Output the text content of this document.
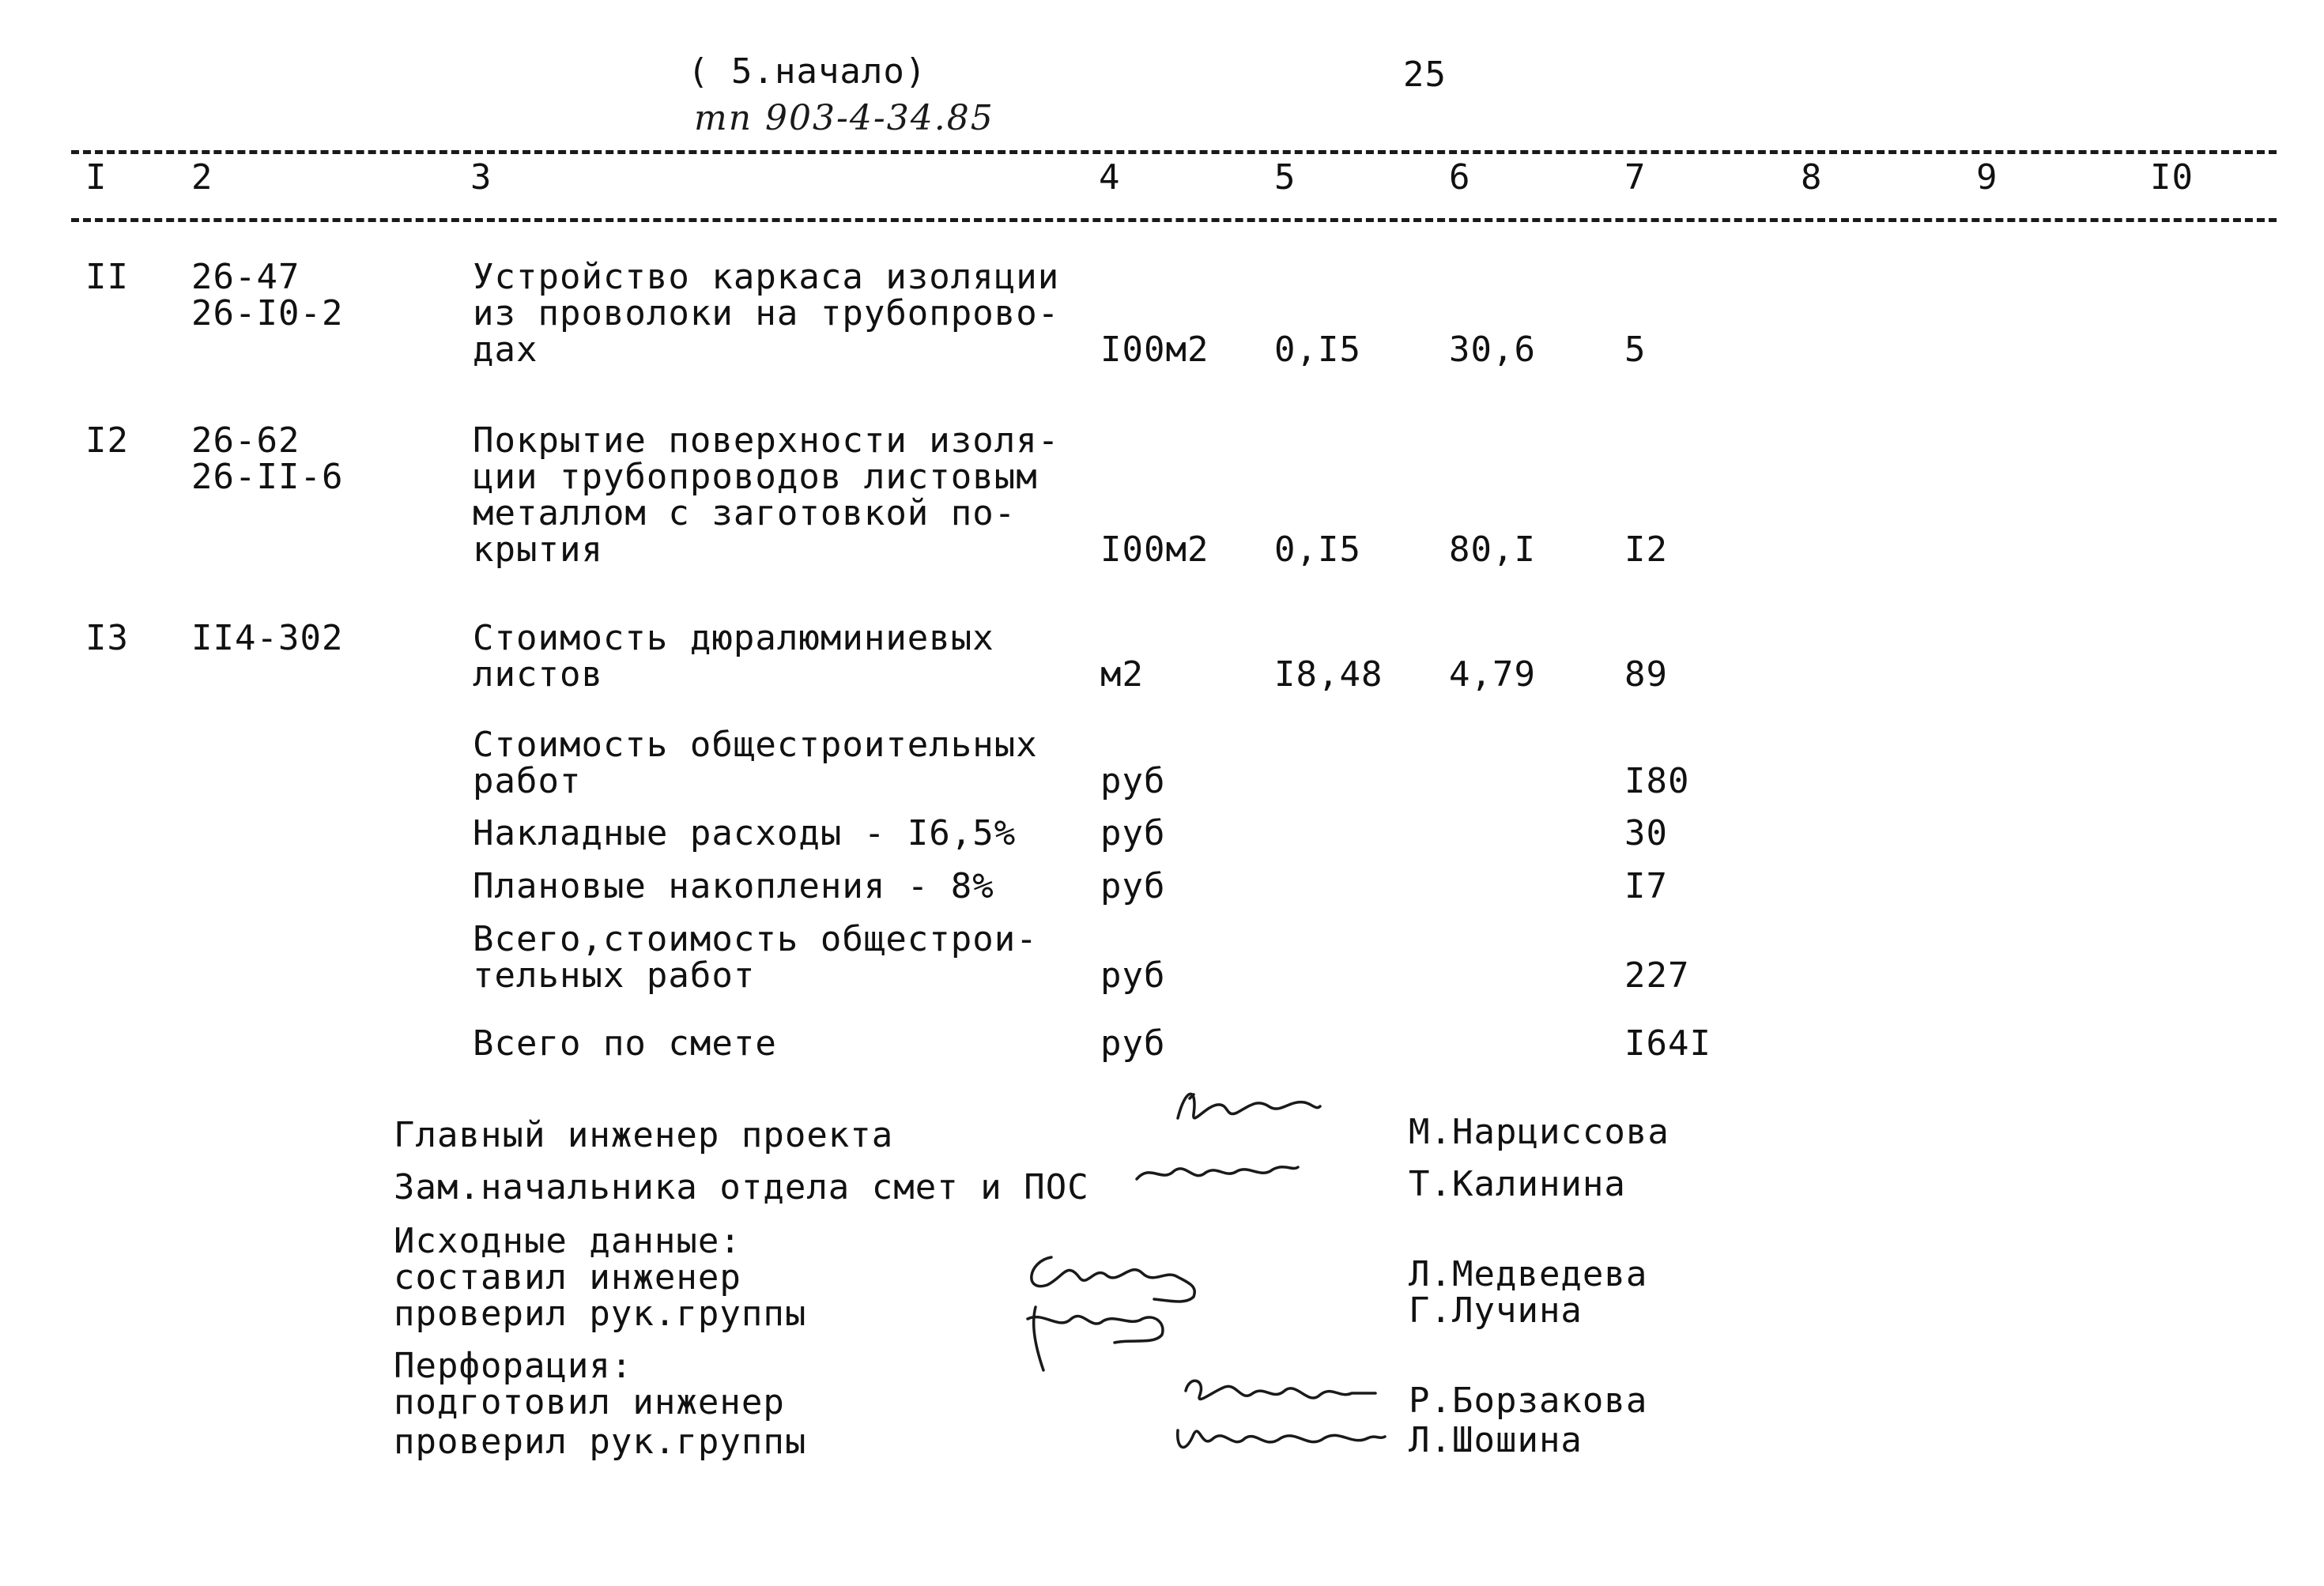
( 5.начало)	25
тп 903-4-34.85
I 2	3	4	5	6	7	8	9	I0
II 26-47
26-I0-2
Устройство каркаса изоляции
из проволоки на трубопрово-
дах	I00м2 0,I5	30,6	5
I2 26-62
26-II-6
Покрытие поверхности изоля-
ции трубопроводов листовым
металлом с заготовкой по-
крытия	I00м2 0,I5	80,I	I2
I3 II4-302	Стоимость дюралюминиевых
листов	м2	I8,48 4,79	89
Стоимость общестроительных
работ	руб	I80
Накладные расходы - I6,5% руб	30
Плановые накопления - 8%	руб	I7
Всего,стоимость общестрои-
тельных работ	руб	227
Всего по смете	руб	I64I
Главный инженер проекта	М.Нарциссова
Зам.начальника отдела смет и ПОС	Т.Калинина
Исходные данные:
составил инженер	Л.Медведева
проверил рук.группы	Г.Лучина
Перфорация:
подготовил инженер	Р.Борзакова
проверил рук.группы	Л.Шошина
